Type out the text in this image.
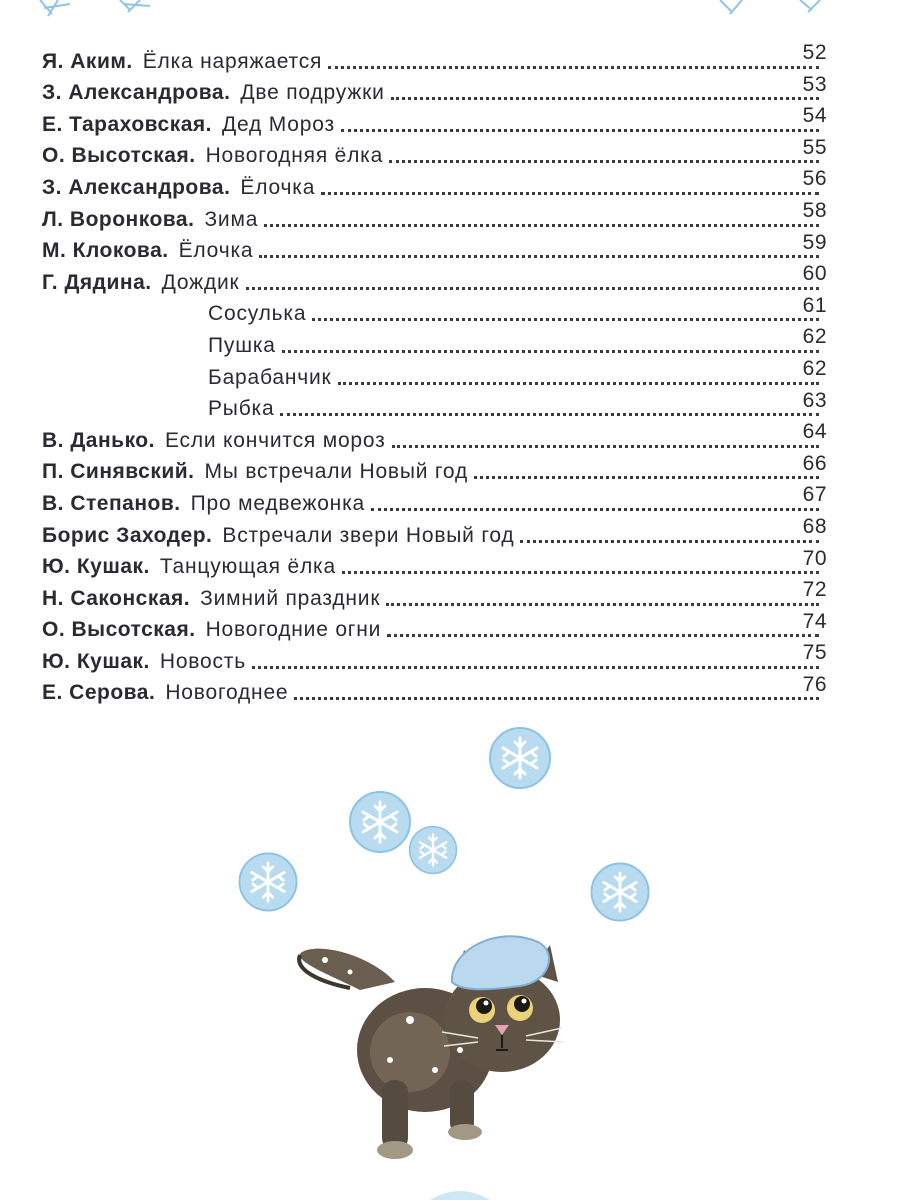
Я. Аким. Ёлка наряжается	52
З. Александрова. Две подружки	53
Е. Тараховская. Дед Мороз	54
О. Высотская. Новогодняя ёлка	55
З. Александрова. Ёлочка	56
Л. Воронкова. Зима	58
М. Клокова. Ёлочка	59
Г. Дядина. Дождик	60
Сосулька	61
Пушка	62
Барабанчик	62
Рыбка	63
В. Данько. Если кончится мороз	64
П. Синявский. Мы встречали Новый год	66
В. Степанов. Про медвежонка	67
Борис Заходер. Встречали звери Новый год	68
Ю. Кушак. Танцующая ёлка	70
Н. Саконская. Зимний праздник	72
О. Высотская. Новогодние огни	74
Ю. Кушак. Новость	75
Е. Серова. Новогоднее	76
